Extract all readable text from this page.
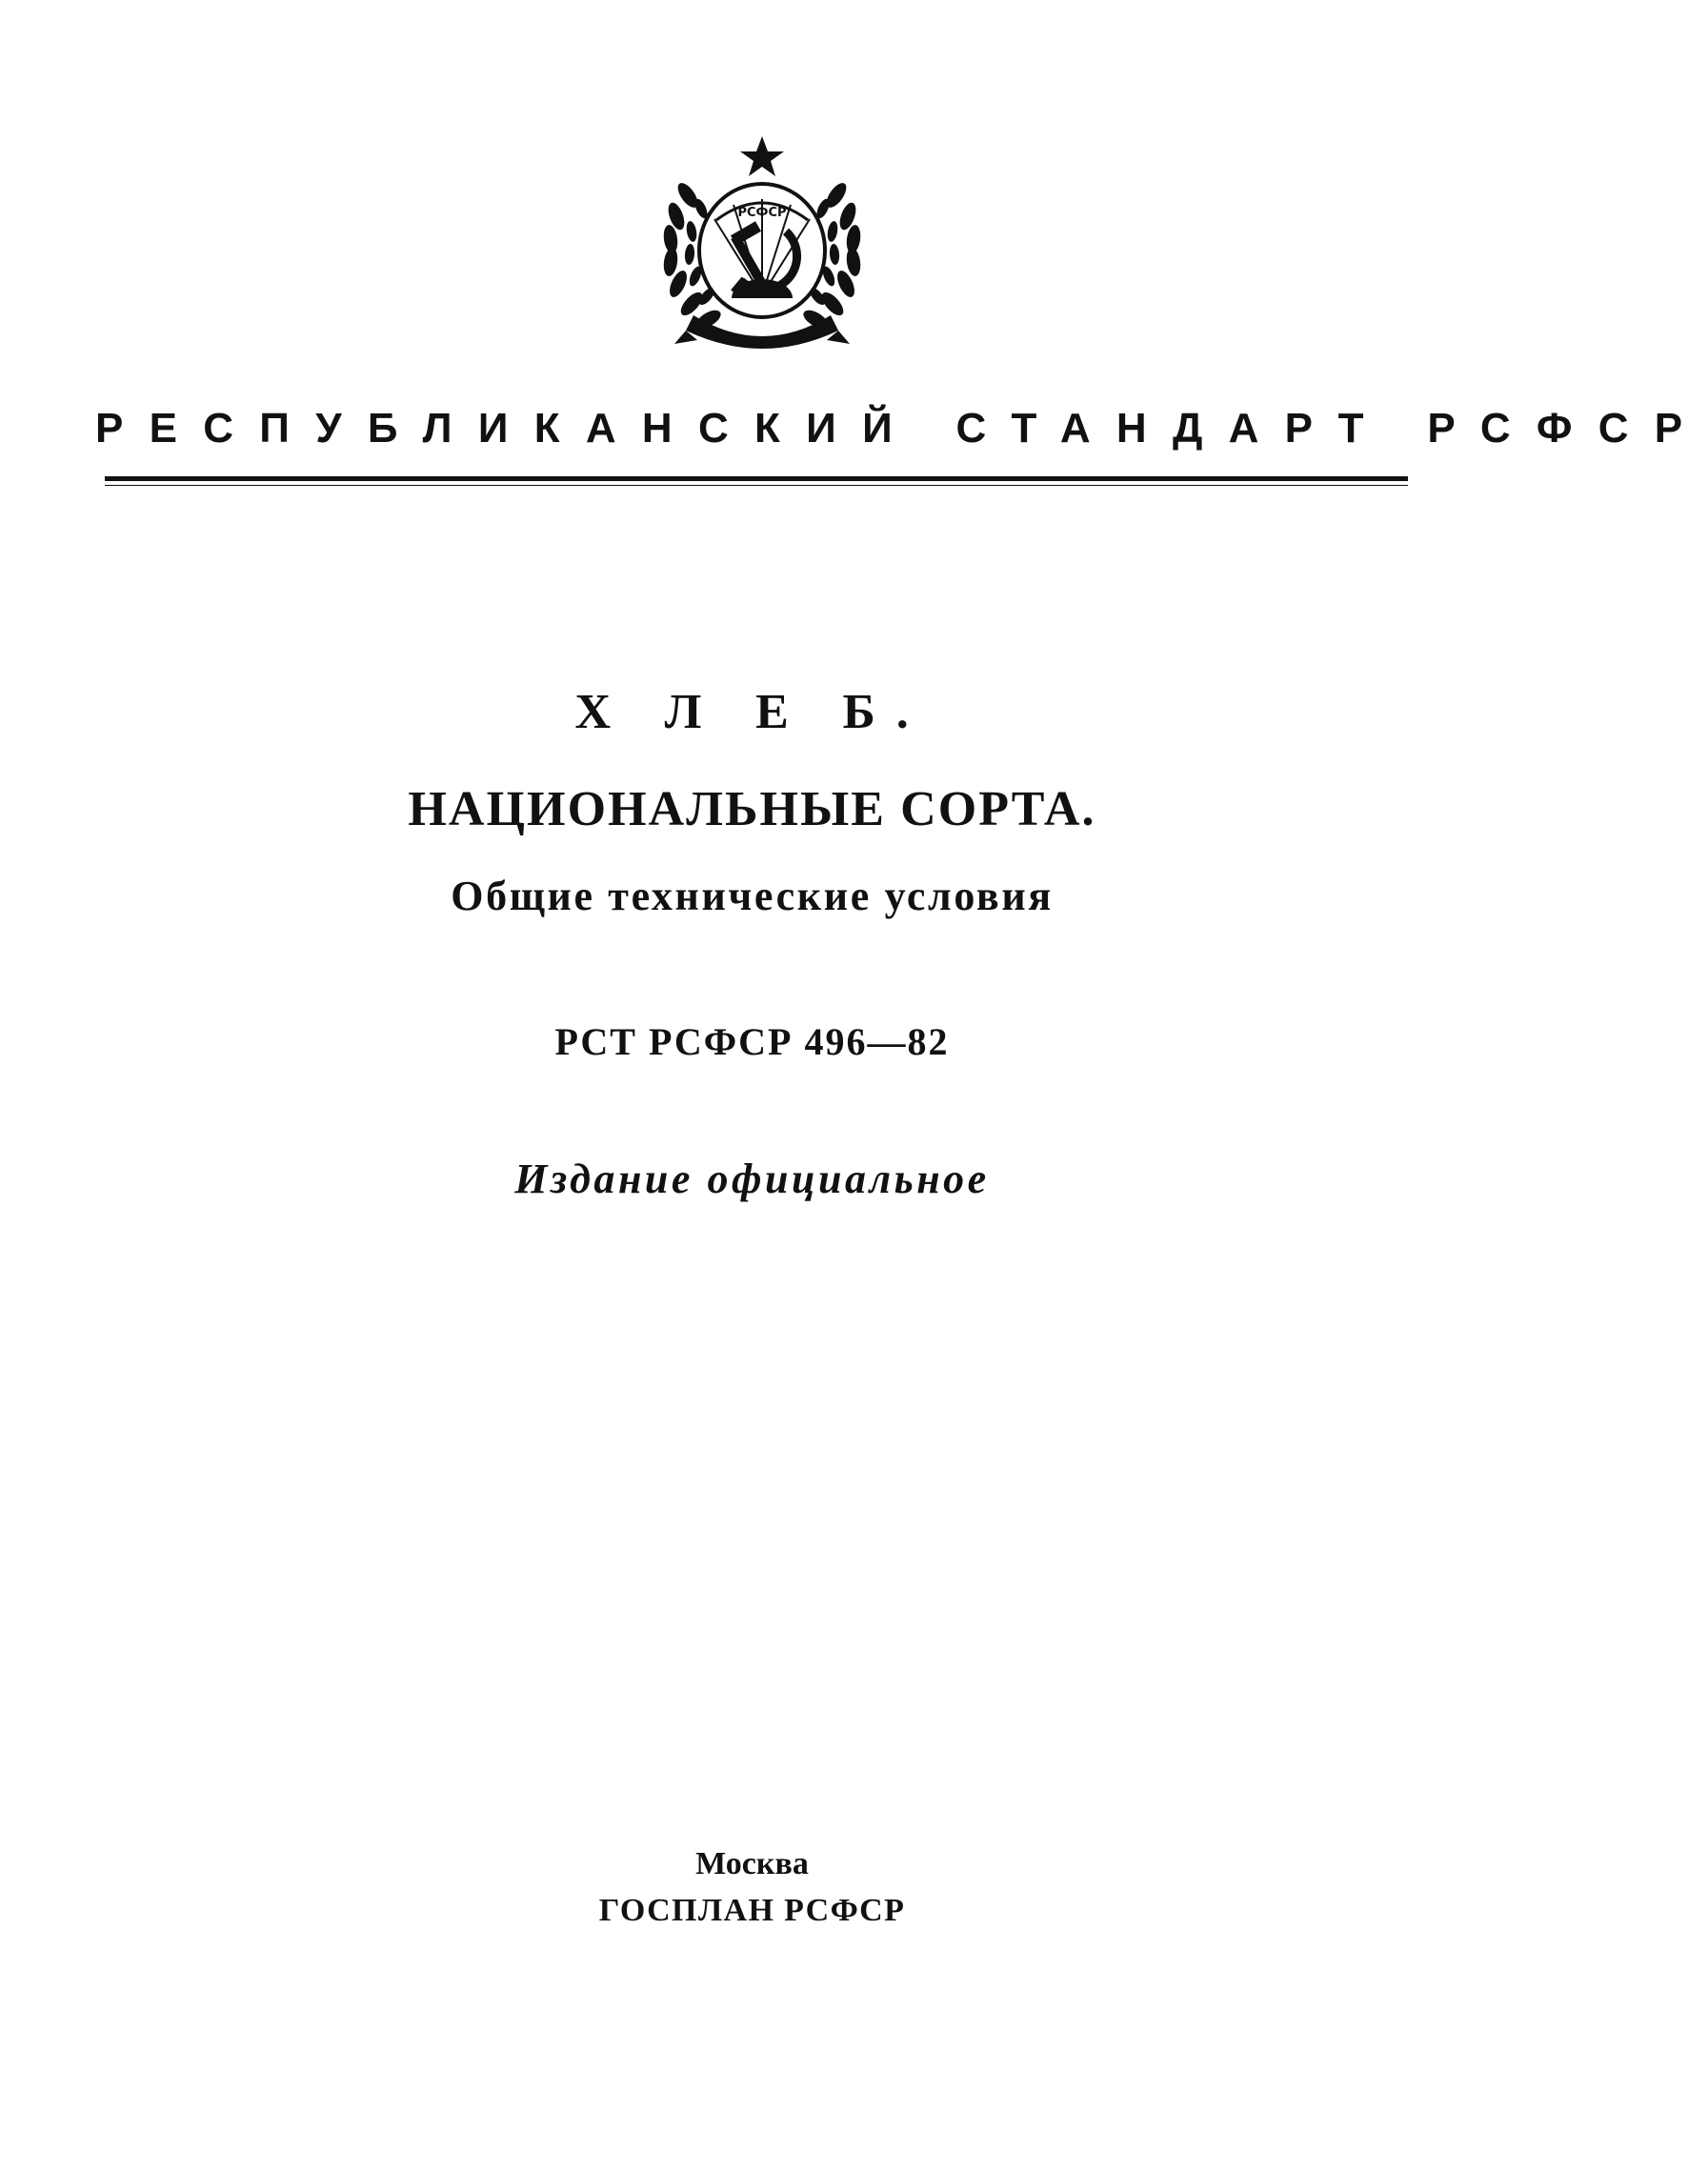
РСФСР
РЕСПУБЛИКАНСКИЙ СТАНДАРТ РСФСР
Х Л Е Б.
НАЦИОНАЛЬНЫЕ СОРТА.
Общие технические условия
РСТ РСФСР 496—82
Издание официальное
Москва
ГОСПЛАН РСФСР
